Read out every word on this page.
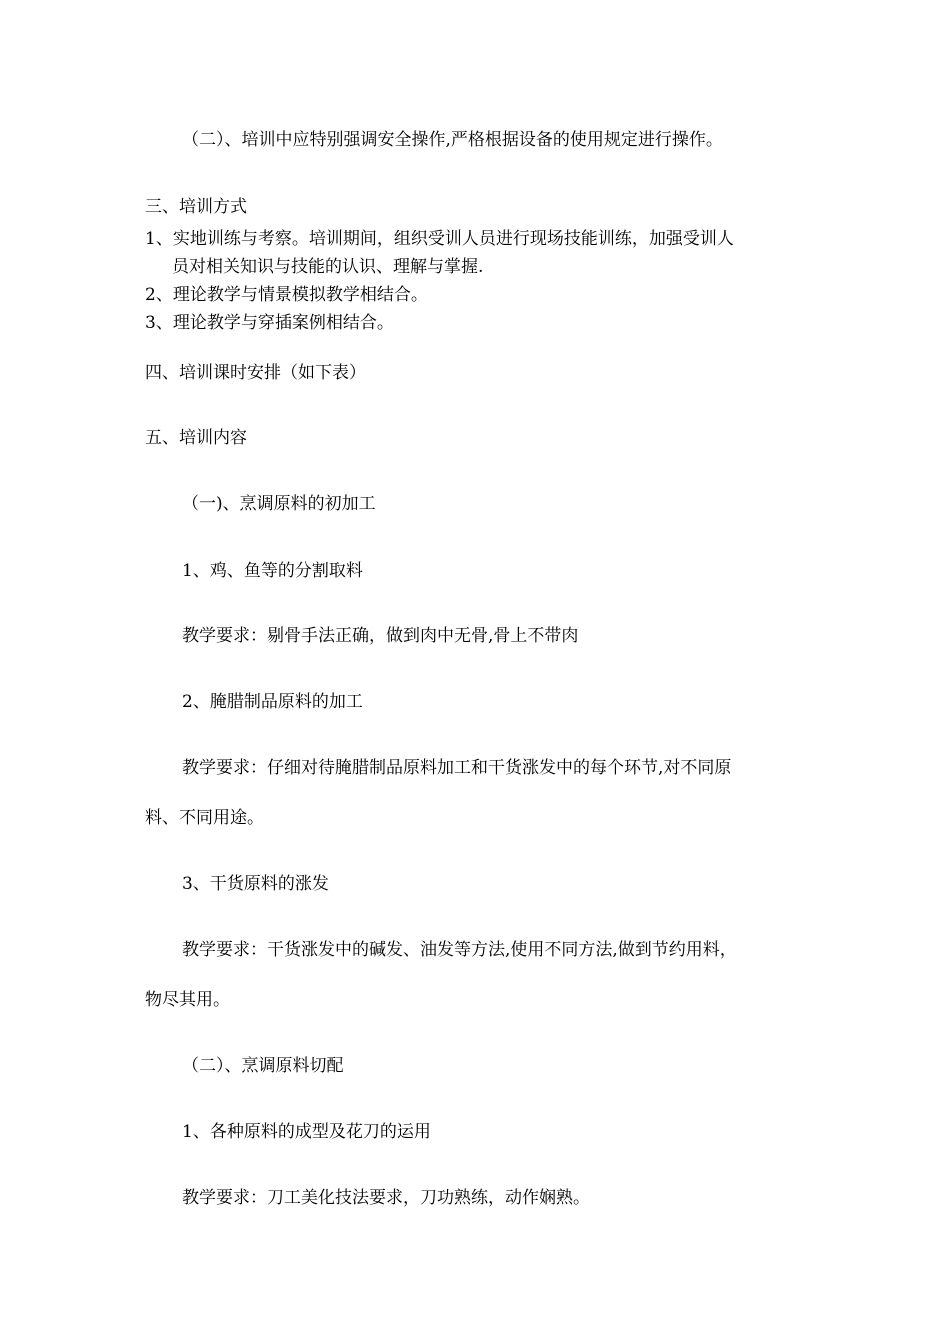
（二）、培训中应特别强调安全操作,严格根据设备的使用规定进行操作。
三、培训方式
1、实地训练与考察。培训期间，组织受训人员进行现场技能训练，加强受训人
员对相关知识与技能的认识、理解与掌握.
2、理论教学与情景模拟教学相结合。
3、理论教学与穿插案例相结合。
四、培训课时安排（如下表）
五、培训内容
（一)、烹调原料的初加工
1、鸡、鱼等的分割取料
教学要求：剔骨手法正确，做到肉中无骨,骨上不带肉
2、腌腊制品原料的加工
教学要求：仔细对待腌腊制品原料加工和干货涨发中的每个环节,对不同原
料、不同用途。
3、干货原料的涨发
教学要求：干货涨发中的碱发、油发等方法,使用不同方法,做到节约用料，
物尽其用。
（二）、烹调原料切配
1、各种原料的成型及花刀的运用
教学要求：刀工美化技法要求，刀功熟练，动作娴熟。
